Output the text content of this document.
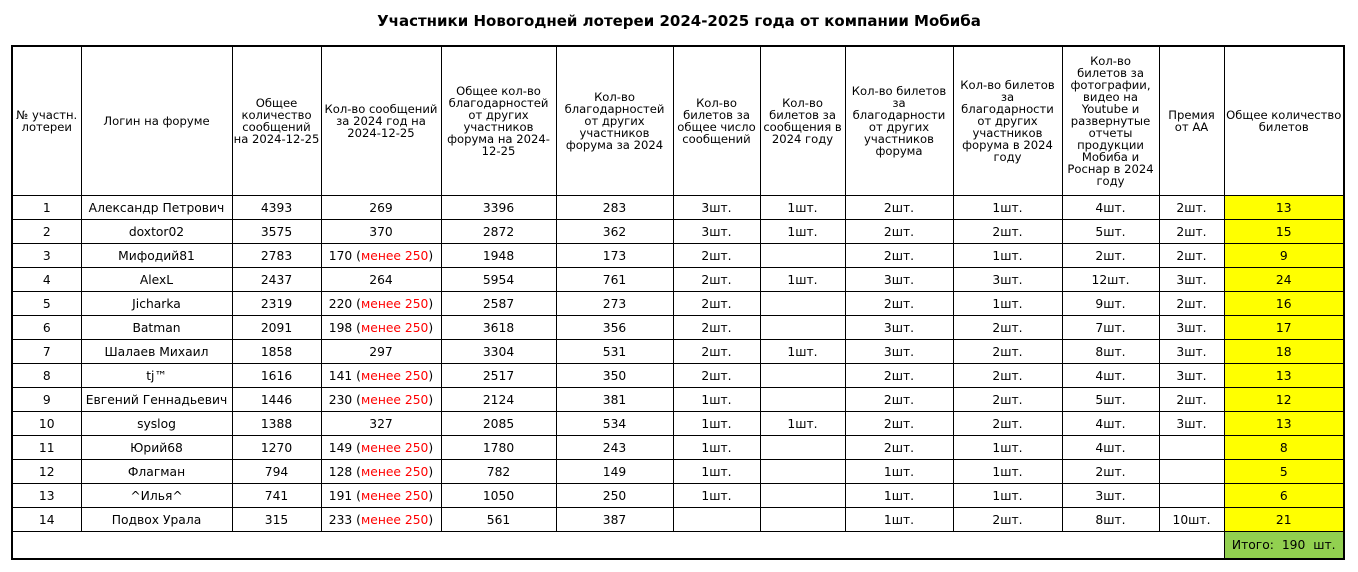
Участники Новогодней лотереи 2024-2025 года от компании Мобиба
№ участн. лотереи	Логин на форуме	Общее количество сообщений на 2024-12-25	Кол-во сообщений за 2024 год на 2024-12-25	Общее кол-во благодарностей от других участников форума на 2024-12-25	Кол-во благодарностей от других участников форума за 2024	Кол-во билетов за общее число сообщений	Кол-во билетов за сообщения в 2024 году	Кол-во билетов за благодарности от других участников форума	Кол-во билетов за благодарности от других участников форума в 2024 году	Кол-во билетов за фотографии, видео на Youtube и развернутые отчеты продукции Мобиба и Роснар в 2024 году	Премия от АА	Общее количество билетов
1	Александр Петрович	4393	269	3396	283	3шт.	1шт.	2шт.	1шт.	4шт.	2шт.	13
2	doxtor02	3575	370	2872	362	3шт.	1шт.	2шт.	2шт.	5шт.	2шт.	15
3	Мифодий81	2783	170 (менее 250)	1948	173	2шт.		2шт.	1шт.	2шт.	2шт.	9
4	AlexL	2437	264	5954	761	2шт.	1шт.	3шт.	3шт.	12шт.	3шт.	24
5	Jicharka	2319	220 (менее 250)	2587	273	2шт.		2шт.	1шт.	9шт.	2шт.	16
6	Batman	2091	198 (менее 250)	3618	356	2шт.		3шт.	2шт.	7шт.	3шт.	17
7	Шалаев Михаил	1858	297	3304	531	2шт.	1шт.	3шт.	2шт.	8шт.	3шт.	18
8	tj™	1616	141 (менее 250)	2517	350	2шт.		2шт.	2шт.	4шт.	3шт.	13
9	Евгений Геннадьевич	1446	230 (менее 250)	2124	381	1шт.		2шт.	2шт.	5шт.	2шт.	12
10	syslog	1388	327	2085	534	1шт.	1шт.	2шт.	2шт.	4шт.	3шт.	13
11	Юрий68	1270	149 (менее 250)	1780	243	1шт.		2шт.	1шт.	4шт.		8
12	Флагман	794	128 (менее 250)	782	149	1шт.		1шт.	1шт.	2шт.		5
13	^Илья^	741	191 (менее 250)	1050	250	1шт.		1шт.	1шт.	3шт.		6
14	Подвох Урала	315	233 (менее 250)	561	387			1шт.	2шт.	8шт.	10шт.	21
												Итого: 190 шт.
